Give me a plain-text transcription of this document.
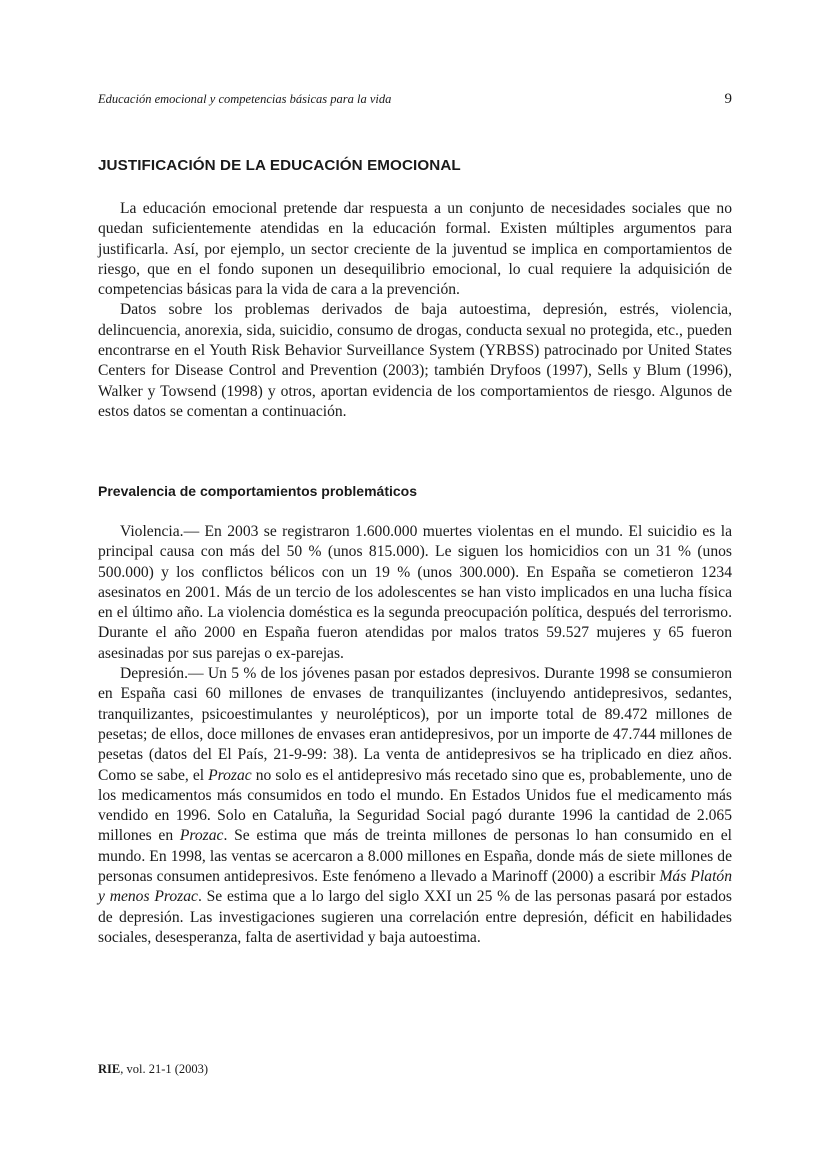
Educación emocional y competencias básicas para la vida	9
JUSTIFICACIÓN DE LA EDUCACIÓN EMOCIONAL

La educación emocional pretende dar respuesta a un conjunto de necesidades sociales que no quedan suficientemente atendidas en la educación formal. Existen múltiples argumentos para justificarla. Así, por ejemplo, un sector creciente de la juventud se implica en comportamientos de riesgo, que en el fondo suponen un desequilibrio emocional, lo cual requiere la adquisición de competencias básicas para la vida de cara a la prevención.

Datos sobre los problemas derivados de baja autoestima, depresión, estrés, violencia, delincuencia, anorexia, sida, suicidio, consumo de drogas, conducta sexual no protegida, etc., pueden encontrarse en el Youth Risk Behavior Surveillance System (YRBSS) patrocinado por United States Centers for Disease Control and Prevention (2003); también Dryfoos (1997), Sells y Blum (1996), Walker y Towsend (1998) y otros, aportan evidencia de los comportamientos de riesgo. Algunos de estos datos se comentan a continuación.

Prevalencia de comportamientos problemáticos

Violencia.— En 2003 se registraron 1.600.000 muertes violentas en el mundo. El suicidio es la principal causa con más del 50 % (unos 815.000). Le siguen los homicidios con un 31 % (unos 500.000) y los conflictos bélicos con un 19 % (unos 300.000). En España se cometieron 1234 asesinatos en 2001. Más de un tercio de los adolescentes se han visto implicados en una lucha física en el último año. La violencia doméstica es la segunda preocupación política, después del terrorismo. Durante el año 2000 en España fueron atendidas por malos tratos 59.527 mujeres y 65 fueron asesinadas por sus parejas o ex-parejas.

Depresión.— Un 5 % de los jóvenes pasan por estados depresivos. Durante 1998 se consumieron en España casi 60 millones de envases de tranquilizantes (incluyendo antidepresivos, sedantes, tranquilizantes, psicoestimulantes y neurolépticos), por un importe total de 89.472 millones de pesetas; de ellos, doce millones de envases eran antidepresivos, por un importe de 47.744 millones de pesetas (datos del El País, 21-9-99: 38). La venta de antidepresivos se ha triplicado en diez años. Como se sabe, el Prozac no solo es el antidepresivo más recetado sino que es, probablemente, uno de los medicamentos más consumidos en todo el mundo. En Estados Unidos fue el medicamento más vendido en 1996. Solo en Cataluña, la Seguridad Social pagó durante 1996 la cantidad de 2.065 millones en Prozac. Se estima que más de treinta millones de personas lo han consumido en el mundo. En 1998, las ventas se acercaron a 8.000 millones en España, donde más de siete millones de personas consumen antidepresivos. Este fenómeno a llevado a Marinoff (2000) a escribir Más Platón y menos Prozac. Se estima que a lo largo del siglo XXI un 25 % de las personas pasará por estados de depresión. Las investigaciones sugieren una correlación entre depresión, déficit en habilidades sociales, desesperanza, falta de asertividad y baja autoestima.

RIE, vol. 21-1 (2003)
